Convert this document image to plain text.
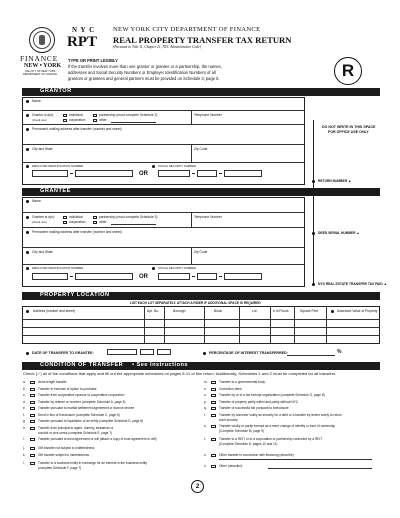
FINANCE
NEW • YORK
THE CITY OF NEW YORK
DEPARTMENT OF FINANCE
N Y C
RPT
NEW YORK CITY DEPARTMENT OF FINANCE
REAL PROPERTY TRANSFER TAX RETURN
(Pursuant to Title 11, Chapter 21, NYC Administrative Code)
TYPE OR PRINT LEGIBLY
If the transfer involves more than one grantor or grantee or a partnership, the names,
addresses and Social Security Numbers or Employer Identification Numbers of all
grantors or grantees and general partners must be provided on Schedule 3, page 5.	R
GRANTOR
Name
Grantor is a(n):
(check one)
individual
corporation
partnership (must complete Schedule 3)
other
Telephone Number
Permanent mailing address after transfer (number and street)
City and State	Zip Code
EMPLOYER IDENTIFICATION NUMBER
OR
SOCIAL SECURITY NUMBER
DO NOT WRITE IN THIS SPACE
FOR OFFICE USE ONLY
RETURN NUMBER ▲
DEED SERIAL NUMBER ▲
NYS REAL ESTATE TRANSFER TAX PAID ▲
GRANTEE
Name
Grantee is a(n):
(check one)
individual
corporation
partnership (must complete Schedule 3)
other
Telephone Number
Permanent mailing address after transfer (number and street)
City and State	Zip Code
EMPLOYER IDENTIFICATION NUMBER
OR
SOCIAL SECURITY NUMBER
PROPERTY LOCATION
LIST EACH LOT SEPARATELY. ATTACH A RIDER IF ADDITIONAL SPACE IS REQUIRED
Address (number and street)	Apt. No.	Borough	Block	Lot	# of Floors	Square Feet	Assessed Value of Property
DATE OF TRANSFER TO GRANTEE:	PERCENTAGE OF INTEREST TRANSFERRED:	%
CONDITION OF TRANSFER • See Instructions
Check (✓) all of the conditions that apply and fill out the appropriate schedules on pages 5-11 of this return. Additionally, Schedules 1 and 2 must be completed for all transfers.
a.	Arms length transfer
b.	Transfer in exercise of option to purchase
c.	Transfer from cooperative sponsor to cooperative corporation
d.	Transfer by referee or receiver (complete Schedule A, page 5)
e.	Transfer pursuant to marital settlement agreement or divorce decree
f.	Deed in lieu of foreclosure (complete Schedule C, page 6)
g.	Transfer pursuant to liquidation of an entity (complete Schedule D, page 6)
h.	Transfer from principal to agent, dummy, strawman or
conduit or vice-versa (complete Schedule E, page 7)
i.	Transfer pursuant to trust agreement or will (attach a copy of trust agreement or will)
j.	Gift transfer not subject to indebtedness
k.	Gift transfer subject to indebtedness
l.	Transfer to a business entity in exchange for an interest in the business entity
(complete Schedule F, page 7)
m.	Transfer to a governmental body
n.	Correction deed
o.	Transfer by or to a tax exempt organization (complete Schedule G, page 8)
p.	Transfer of property partly within and partly without NYC
q.	Transfer of successful bid pursuant to foreclosure
r.	Transfer by borrower solely as security for a debt or a transfer by lender solely to return
such security
s.	Transfer wholly or partly exempt as a mere change of identity or form of ownership
(Complete Schedule M, page 9)
t.	Transfer to a REIT or to a corporation or partnership controlled by a REIT
(Complete Schedule H, pages 10 and 11)
u.	Other transfer in connection with financing (describe):
v.	Other (describe):
2
